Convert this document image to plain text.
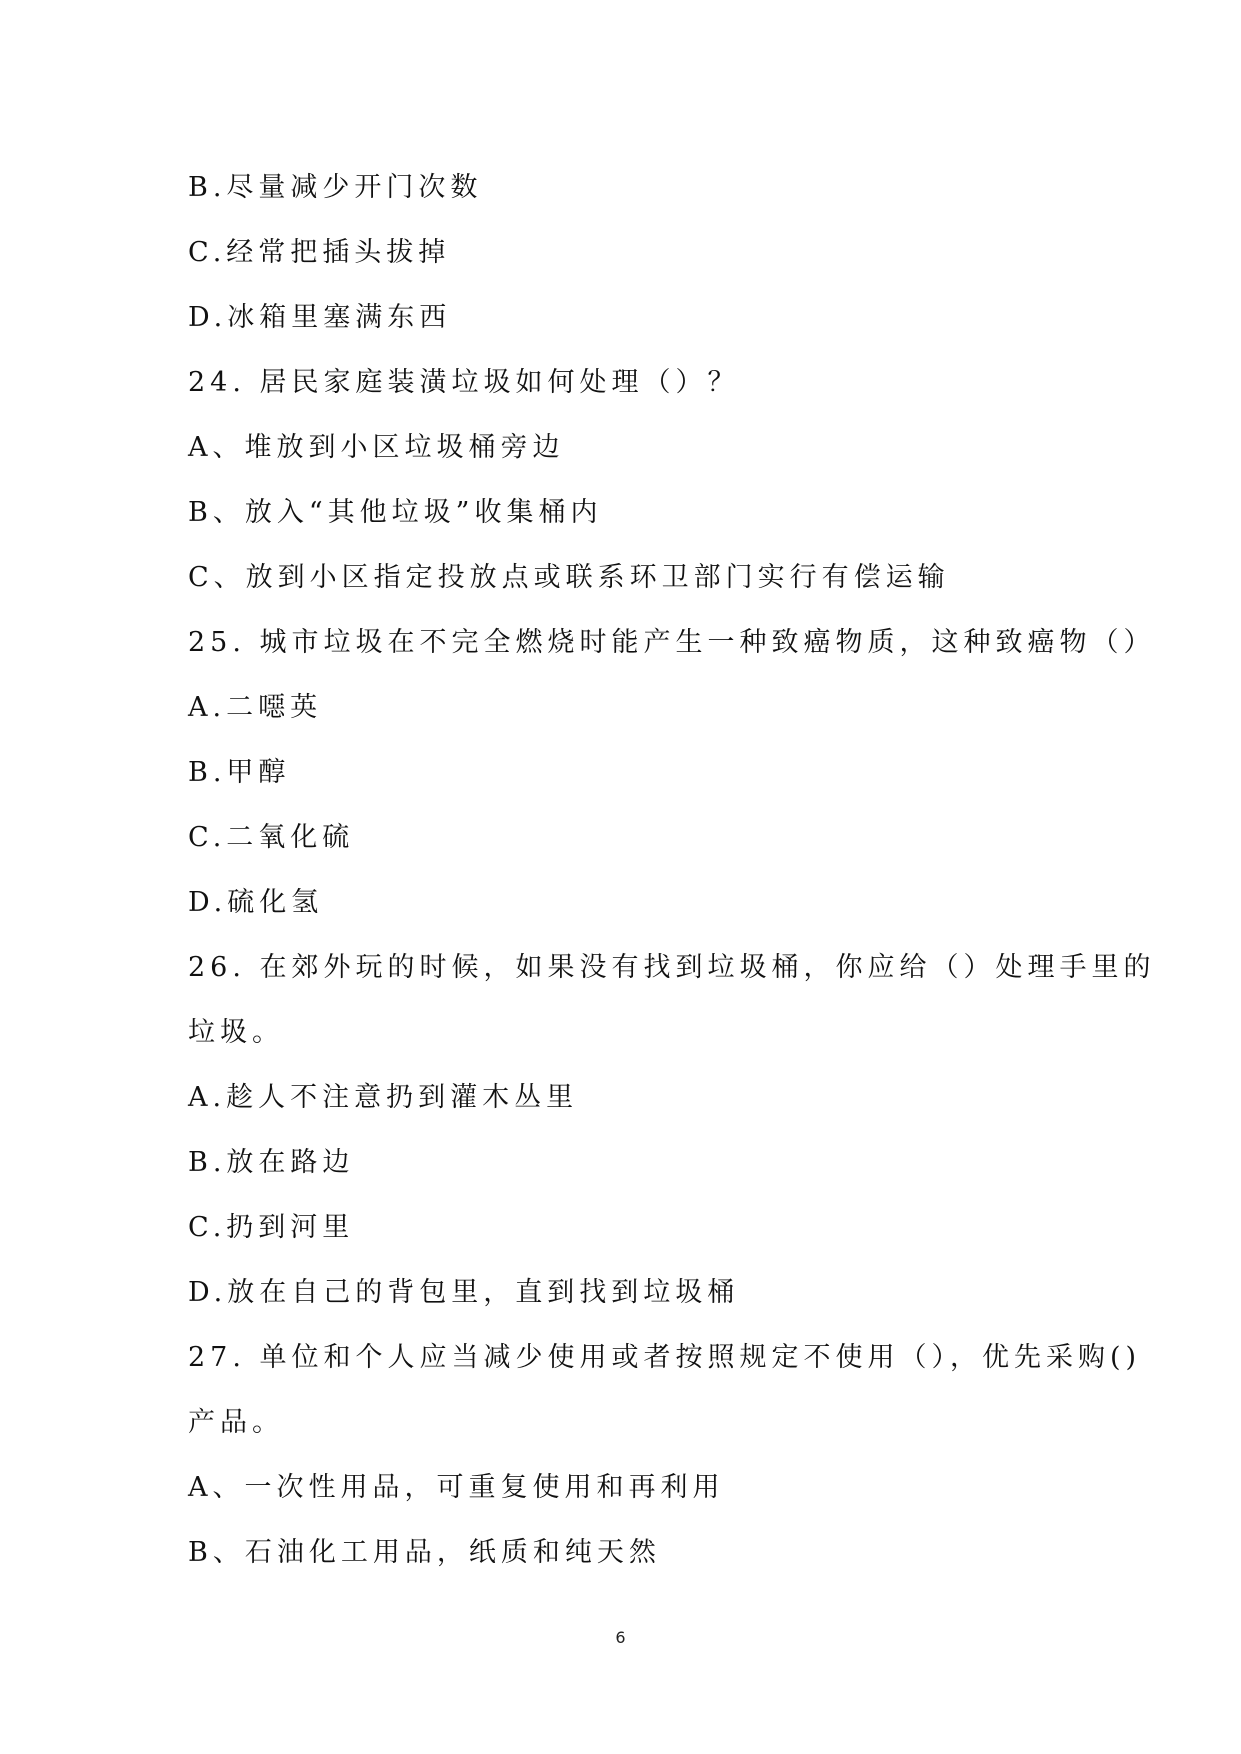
B.尽量减少开门次数
C.经常把插头拔掉
D.冰箱里塞满东西
24. 居民家庭装潢垃圾如何处理（）？
A、堆放到小区垃圾桶旁边
B、放入“其他垃圾”收集桶内
C、放到小区指定投放点或联系环卫部门实行有偿运输
25. 城市垃圾在不完全燃烧时能产生一种致癌物质，这种致癌物（）
A.二噁英
B.甲醇
C.二氧化硫
D.硫化氢
26. 在郊外玩的时候，如果没有找到垃圾桶，你应给（）处理手里的
垃圾。
A.趁人不注意扔到灌木丛里
B.放在路边
C.扔到河里
D.放在自己的背包里，直到找到垃圾桶
27. 单位和个人应当减少使用或者按照规定不使用（），优先采购()
产品。
A、一次性用品，可重复使用和再利用
B、石油化工用品，纸质和纯天然
6
